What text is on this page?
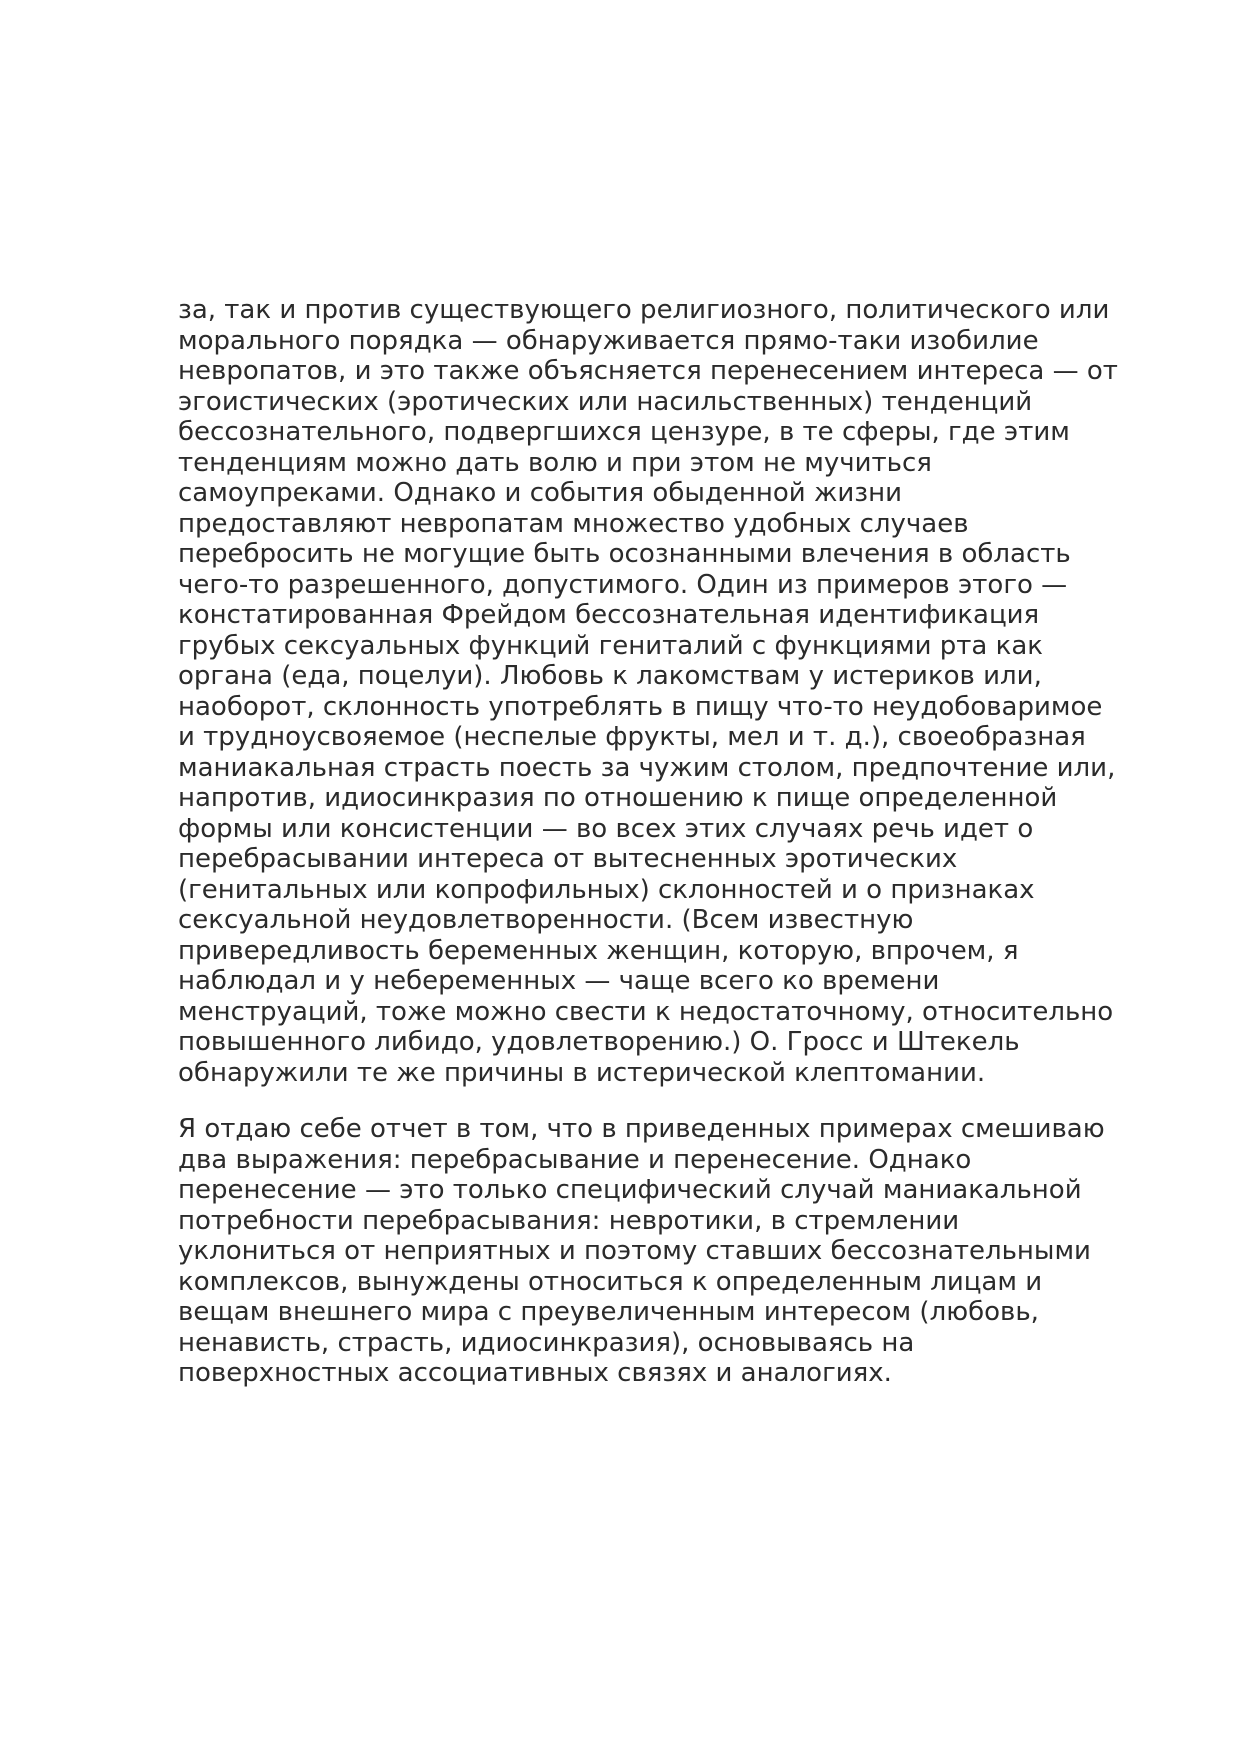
за, так и против существующего религиозного, политического или
морального порядка — обнаруживается прямо-таки изобилие
невропатов, и это также объясняется перенесением интереса — от
эгоистических (эротических или насильственных) тенденций
бессознательного, подвергшихся цензуре, в те сферы, где этим
тенденциям можно дать волю и при этом не мучиться
самоупреками. Однако и события обыденной жизни
предоставляют невропатам множество удобных случаев
перебросить не могущие быть осознанными влечения в область
чего-то разрешенного, допустимого. Один из примеров этого —
констатированная Фрейдом бессознательная идентификация
грубых сексуальных функций гениталий с функциями рта как
органа (еда, поцелуи). Любовь к лакомствам у истериков или,
наоборот, склонность употреблять в пищу что-то неудобоваримое
и трудноусвояемое (неспелые фрукты, мел и т. д.), своеобразная
маниакальная страсть поесть за чужим столом, предпочтение или,
напротив, идиосинкразия по отношению к пище определенной
формы или консистенции — во всех этих случаях речь идет о
перебрасывании интереса от вытесненных эротических
(генитальных или копрофильных) склонностей и о признаках
сексуальной неудовлетворенности. (Всем известную
привередливость беременных женщин, которую, впрочем, я
наблюдал и у небеременных — чаще всего ко времени
менструаций, тоже можно свести к недостаточному, относительно
повышенного либидо, удовлетворению.) О. Гросс и Штекель
обнаружили те же причины в истерической клептомании.
Я отдаю себе отчет в том, что в приведенных примерах смешиваю
два выражения: перебрасывание и перенесение. Однако
перенесение — это только специфический случай маниакальной
потребности перебрасывания: невротики, в стремлении
уклониться от неприятных и поэтому ставших бессознательными
комплексов, вынуждены относиться к определенным лицам и
вещам внешнего мира с преувеличенным интересом (любовь,
ненависть, страсть, идиосинкразия), основываясь на
поверхностных ассоциативных связях и аналогиях.
